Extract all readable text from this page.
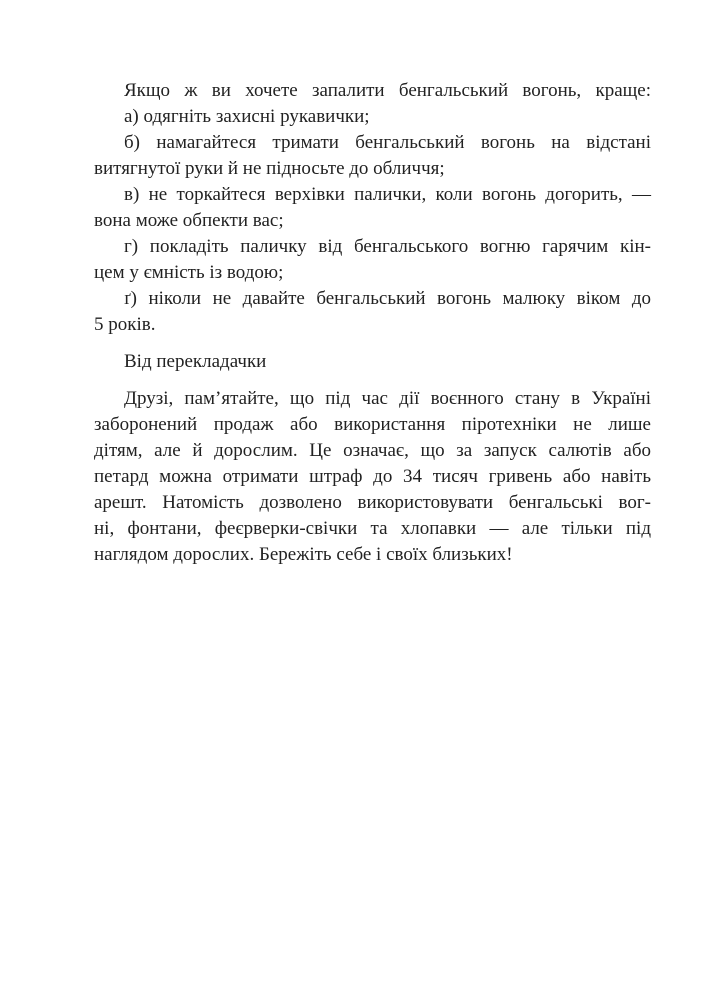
Якщо ж ви хочете запалити бенгальський вогонь, краще:
а) одягніть захисні рукавички;
б) намагайтеся тримати бенгальський вогонь на відстані
витягнутої руки й не підносьте до обличчя;
в) не торкайтеся верхівки палички, коли вогонь догорить, —
вона може обпекти вас;
г) покладіть паличку від бенгальського вогню гарячим кін-
цем у ємність із водою;
ґ) ніколи не давайте бенгальський вогонь малюку віком до
5 років.
Від перекладачки
Друзі, пам’ятайте, що під час дії воєнного стану в Україні
заборонений продаж або використання піротехніки не лише
дітям, але й дорослим. Це означає, що за запуск салютів або
петард можна отримати штраф до 34 тисяч гривень або навіть
арешт. Натомість дозволено використовувати бенгальські вог-
ні, фонтани, феєрверки-свічки та хлопавки — але тільки під
наглядом дорослих. Бережіть себе і своїх близьких!
